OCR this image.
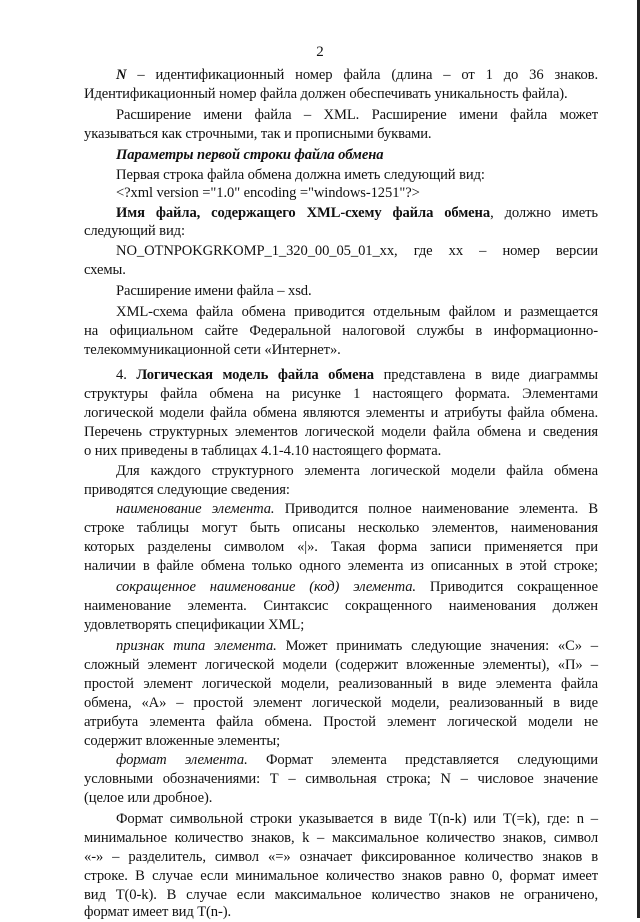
2
N – идентификационный номер файла (длина – от 1 до 36 знаков.
Идентификационный номер файла должен обеспечивать уникальность файла).
Расширение имени файла – XML. Расширение имени файла может
указываться как строчными, так и прописными буквами.
Параметры первой строки файла обмена
Первая строка файла обмена должна иметь следующий вид:
<?xml version ="1.0" encoding ="windows-1251"?>
Имя файла, содержащего XML-схему файла обмена, должно иметь
следующий вид:
NO_OTNPOKGRKOMP_1_320_00_05_01_xx, где xx – номер версии
схемы.
Расширение имени файла – xsd.
XML-схема файла обмена приводится отдельным файлом и размещается
на официальном сайте Федеральной налоговой службы в информационно-
телекоммуникационной сети «Интернет».
4. Логическая модель файла обмена представлена в виде диаграммы
структуры файла обмена на рисунке 1 настоящего формата. Элементами
логической модели файла обмена являются элементы и атрибуты файла обмена.
Перечень структурных элементов логической модели файла обмена и сведения
о них приведены в таблицах 4.1-4.10 настоящего формата.
Для каждого структурного элемента логической модели файла обмена
приводятся следующие сведения:
наименование элемента. Приводится полное наименование элемента. В
строке таблицы могут быть описаны несколько элементов, наименования
которых разделены символом «|». Такая форма записи применяется при
наличии в файле обмена только одного элемента из описанных в этой строке;
сокращенное наименование (код) элемента. Приводится сокращенное
наименование элемента. Синтаксис сокращенного наименования должен
удовлетворять спецификации XML;
признак типа элемента. Может принимать следующие значения: «С» –
сложный элемент логической модели (содержит вложенные элементы), «П» –
простой элемент логической модели, реализованный в виде элемента файла
обмена, «А» – простой элемент логической модели, реализованный в виде
атрибута элемента файла обмена. Простой элемент логической модели не
содержит вложенные элементы;
формат элемента. Формат элемента представляется следующими
условными обозначениями: Т – символьная строка; N – числовое значение
(целое или дробное).
Формат символьной строки указывается в виде T(n-k) или T(=k), где: n –
минимальное количество знаков, k – максимальное количество знаков, символ
«-» – разделитель, символ «=» означает фиксированное количество знаков в
строке. В случае если минимальное количество знаков равно 0, формат имеет
вид T(0-k). В случае если максимальное количество знаков не ограничено,
формат имеет вид T(n-).
